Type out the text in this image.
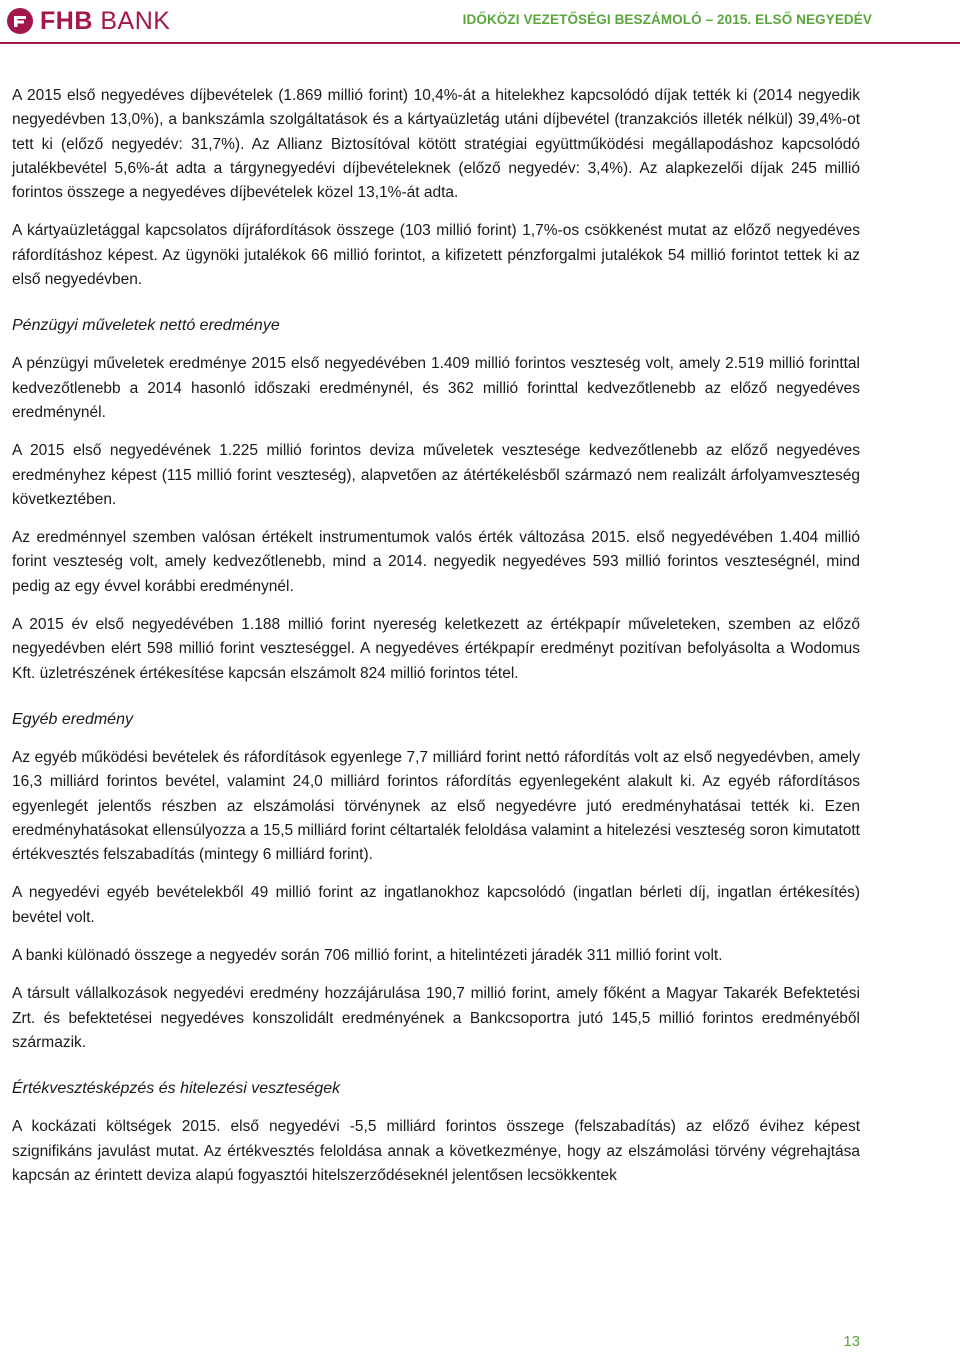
FHB BANK	IDŐKÖZI VEZETŐSÉGI BESZÁMOLÓ – 2015. ELSŐ NEGYEDÉV

A 2015 első negyedéves díjbevételek (1.869 millió forint) 10,4%-át a hitelekhez kapcsolódó díjak tették ki (2014 negyedik negyedévben 13,0%), a bankszámla szolgáltatások és a kártyaüzletág utáni díjbevétel (tranzakciós illeték nélkül) 39,4%-ot tett ki (előző negyedév: 31,7%). Az Allianz Biztosítóval kötött stratégiai együttműködési megállapodáshoz kapcsolódó jutalékbevétel 5,6%-át adta a tárgynegyedévi díjbevételeknek (előző negyedév: 3,4%). Az alapkezelői díjak 245 millió forintos összege a negyedéves díjbevételek közel 13,1%-át adta.

A kártyaüzletággal kapcsolatos díjráfordítások összege (103 millió forint) 1,7%-os csökkenést mutat az előző negyedéves ráfordításhoz képest. Az ügynöki jutalékok 66 millió forintot, a kifizetett pénzforgalmi jutalékok 54 millió forintot tettek ki az első negyedévben.

Pénzügyi műveletek nettó eredménye

A pénzügyi műveletek eredménye 2015 első negyedévében 1.409 millió forintos veszteség volt, amely 2.519 millió forinttal kedvezőtlenebb a 2014 hasonló időszaki eredménynél, és 362 millió forinttal kedvezőtlenebb az előző negyedéves eredménynél.

A 2015 első negyedévének 1.225 millió forintos deviza műveletek vesztesége kedvezőtlenebb az előző negyedéves eredményhez képest (115 millió forint veszteség), alapvetően az átértékelésből származó nem realizált árfolyamveszteség következtében.

Az eredménnyel szemben valósan értékelt instrumentumok valós érték változása 2015. első negyedévében 1.404 millió forint veszteség volt, amely kedvezőtlenebb, mind a 2014. negyedik negyedéves 593 millió forintos veszteségnél, mind pedig az egy évvel korábbi eredménynél.

A 2015 év első negyedévében 1.188 millió forint nyereség keletkezett az értékpapír műveleteken, szemben az előző negyedévben elért 598 millió forint veszteséggel. A negyedéves értékpapír eredményt pozitívan befolyásolta a Wodomus Kft. üzletrészének értékesítése kapcsán elszámolt 824 millió forintos tétel.

Egyéb eredmény

Az egyéb működési bevételek és ráfordítások egyenlege 7,7 milliárd forint nettó ráfordítás volt az első negyedévben, amely 16,3 milliárd forintos bevétel, valamint 24,0 milliárd forintos ráfordítás egyenlegeként alakult ki. Az egyéb ráfordításos egyenlegét jelentős részben az elszámolási törvénynek az első negyedévre jutó eredményhatásai tették ki. Ezen eredményhatásokat ellensúlyozza a 15,5 milliárd forint céltartalék feloldása valamint a hitelezési veszteség soron kimutatott értékvesztés felszabadítás (mintegy 6 milliárd forint).

A negyedévi egyéb bevételekből 49 millió forint az ingatlanokhoz kapcsolódó (ingatlan bérleti díj, ingatlan értékesítés) bevétel volt.

A banki különadó összege a negyedév során 706 millió forint, a hitelintézeti járadék 311 millió forint volt.

A társult vállalkozások negyedévi eredmény hozzájárulása 190,7 millió forint, amely főként a Magyar Takarék Befektetési Zrt. és befektetései negyedéves konszolidált eredményének a Bankcsoportra jutó 145,5 millió forintos eredményéből származik.

Értékvesztésképzés és hitelezési veszteségek

A kockázati költségek 2015. első negyedévi -5,5 milliárd forintos összege (felszabadítás) az előző évihez képest szignifikáns javulást mutat. Az értékvesztés feloldása annak a következménye, hogy az elszámolási törvény végrehajtása kapcsán az érintett deviza alapú fogyasztói hitelszerződéseknél jelentősen lecsökkentek

13
